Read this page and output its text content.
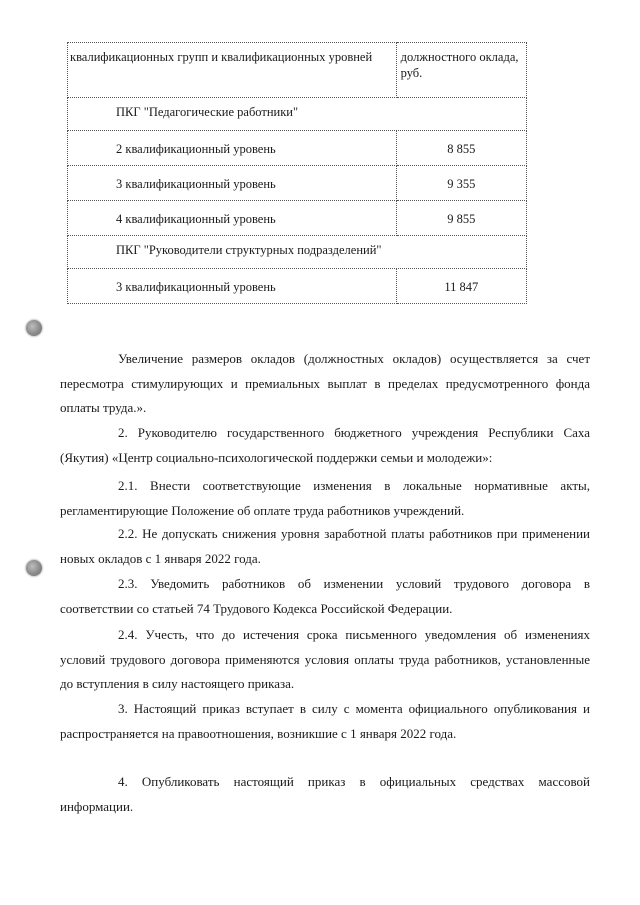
квалификационных групп и квалификационных уровней	должностного оклада, руб.

ПКГ "Педагогические работники"	

2 квалификационный уровень	8 855

3 квалификационный уровень	9 355

4 квалификационный уровень	9 855

ПКГ "Руководители структурных подразделений"	

3 квалификационный уровень	11 847

Увеличение размеров окладов (должностных окладов) осуществляется за счет пересмотра стимулирующих и премиальных выплат в пределах предусмотренного фонда оплаты труда.».

2. Руководителю государственного бюджетного учреждения Республики Саха (Якутия) «Центр социально-психологической поддержки семьи и молодежи»:

2.1. Внести соответствующие изменения в локальные нормативные акты, регламентирующие Положение об оплате труда работников учреждений.

2.2. Не допускать снижения уровня заработной платы работников при применении новых окладов с 1 января 2022 года.

2.3. Уведомить работников об изменении условий трудового договора в соответствии со статьей 74 Трудового Кодекса Российской Федерации.

2.4. Учесть, что до истечения срока письменного уведомления об изменениях условий трудового договора применяются условия оплаты труда работников, установленные до вступления в силу настоящего приказа.

3. Настоящий приказ вступает в силу с момента официального опубликования и распространяется на правоотношения, возникшие с 1 января 2022 года.

4. Опубликовать настоящий приказ в официальных средствах массовой информации.
